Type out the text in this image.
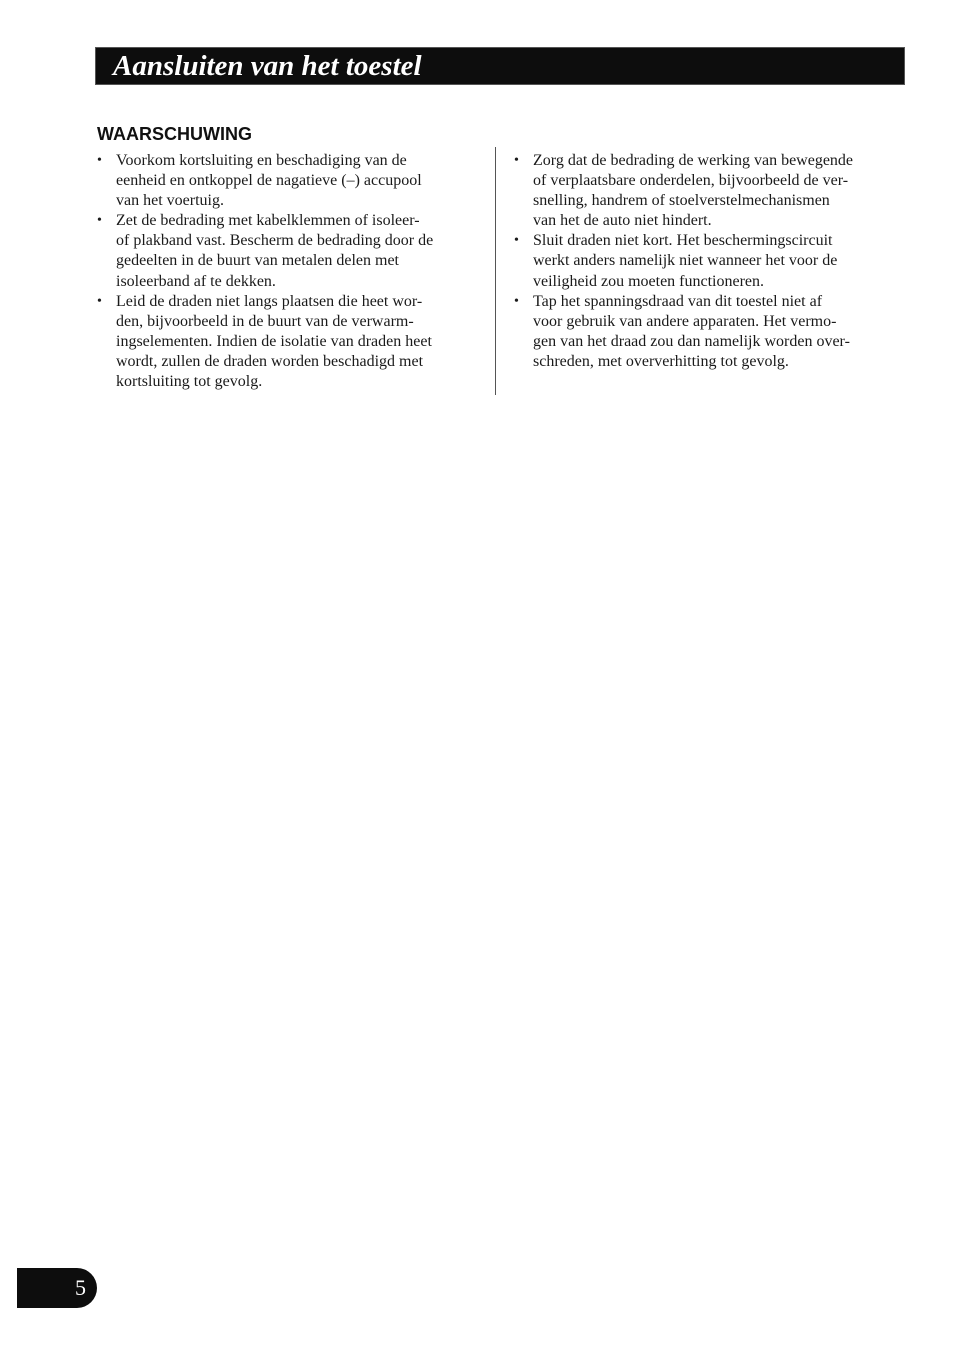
Aansluiten van het toestel
WAARSCHUWING
• Voorkom kortsluiting en beschadiging van de
eenheid en ontkoppel de nagatieve (–) accupool
van het voertuig.
• Zet de bedrading met kabelklemmen of isoleer-
of plakband vast. Bescherm de bedrading door de
gedeelten in de buurt van metalen delen met
isoleerband af te dekken.
• Leid de draden niet langs plaatsen die heet wor-
den, bijvoorbeeld in de buurt van de verwarm-
ingselementen. Indien de isolatie van draden heet
wordt, zullen de draden worden beschadigd met
kortsluiting tot gevolg.
• Zorg dat de bedrading de werking van bewegende
of verplaatsbare onderdelen, bijvoorbeeld de ver-
snelling, handrem of stoelverstelmechanismen
van het de auto niet hindert.
• Sluit draden niet kort. Het beschermingscircuit
werkt anders namelijk niet wanneer het voor de
veiligheid zou moeten functioneren.
• Tap het spanningsdraad van dit toestel niet af
voor gebruik van andere apparaten. Het vermo-
gen van het draad zou dan namelijk worden over-
schreden, met oververhitting tot gevolg.
5
